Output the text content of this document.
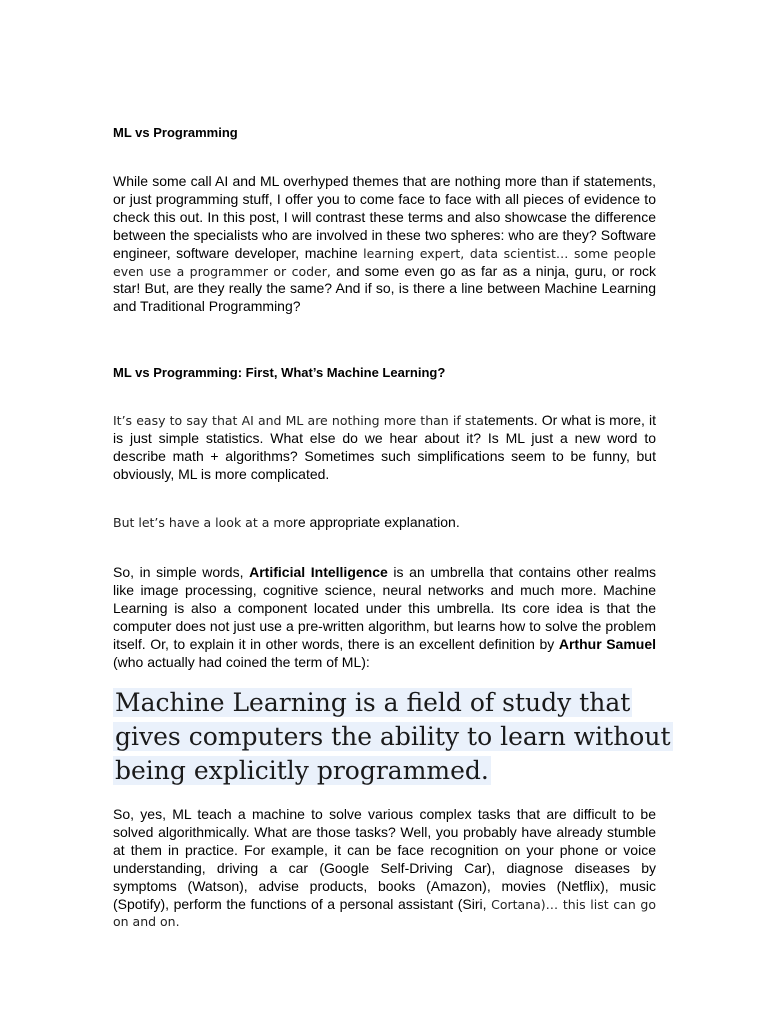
ML vs Programming

While some call AI and ML overhyped themes that are nothing more than if statements, or just programming stuff, I offer you to come face to face with all pieces of evidence to check this out. In this post, I will contrast these terms and also showcase the difference between the specialists who are involved in these two spheres: who are they? Software engineer, software developer, machine learning expert, data scientist… some people even use a programmer or coder, and some even go as far as a ninja, guru, or rock star! But, are they really the same? And if so, is there a line between Machine Learning and Traditional Programming?

ML vs Programming: First, What’s Machine Learning?

It’s easy to say that AI and ML are nothing more than if statements. Or what is more, it is just simple statistics. What else do we hear about it? Is ML just a new word to describe math + algorithms? Sometimes such simplifications seem to be funny, but obviously, ML is more complicated.

But let’s have a look at a more appropriate explanation.

So, in simple words, Artificial Intelligence is an umbrella that contains other realms like image processing, cognitive science, neural networks and much more. Machine Learning is also a component located under this umbrella. Its core idea is that the computer does not just use a pre-written algorithm, but learns how to solve the problem itself. Or, to explain it in other words, there is an excellent definition by Arthur Samuel (who actually had coined the term of ML):

Machine Learning is a field of study that gives computers the ability to learn without being explicitly programmed.

So, yes, ML teach a machine to solve various complex tasks that are difficult to be solved algorithmically. What are those tasks? Well, you probably have already stumble at them in practice. For example, it can be face recognition on your phone or voice understanding, driving a car (Google Self-Driving Car), diagnose diseases by symptoms (Watson), advise products, books (Amazon), movies (Netflix), music (Spotify), perform the functions of a personal assistant (Siri, Cortana)… this list can go on and on.
